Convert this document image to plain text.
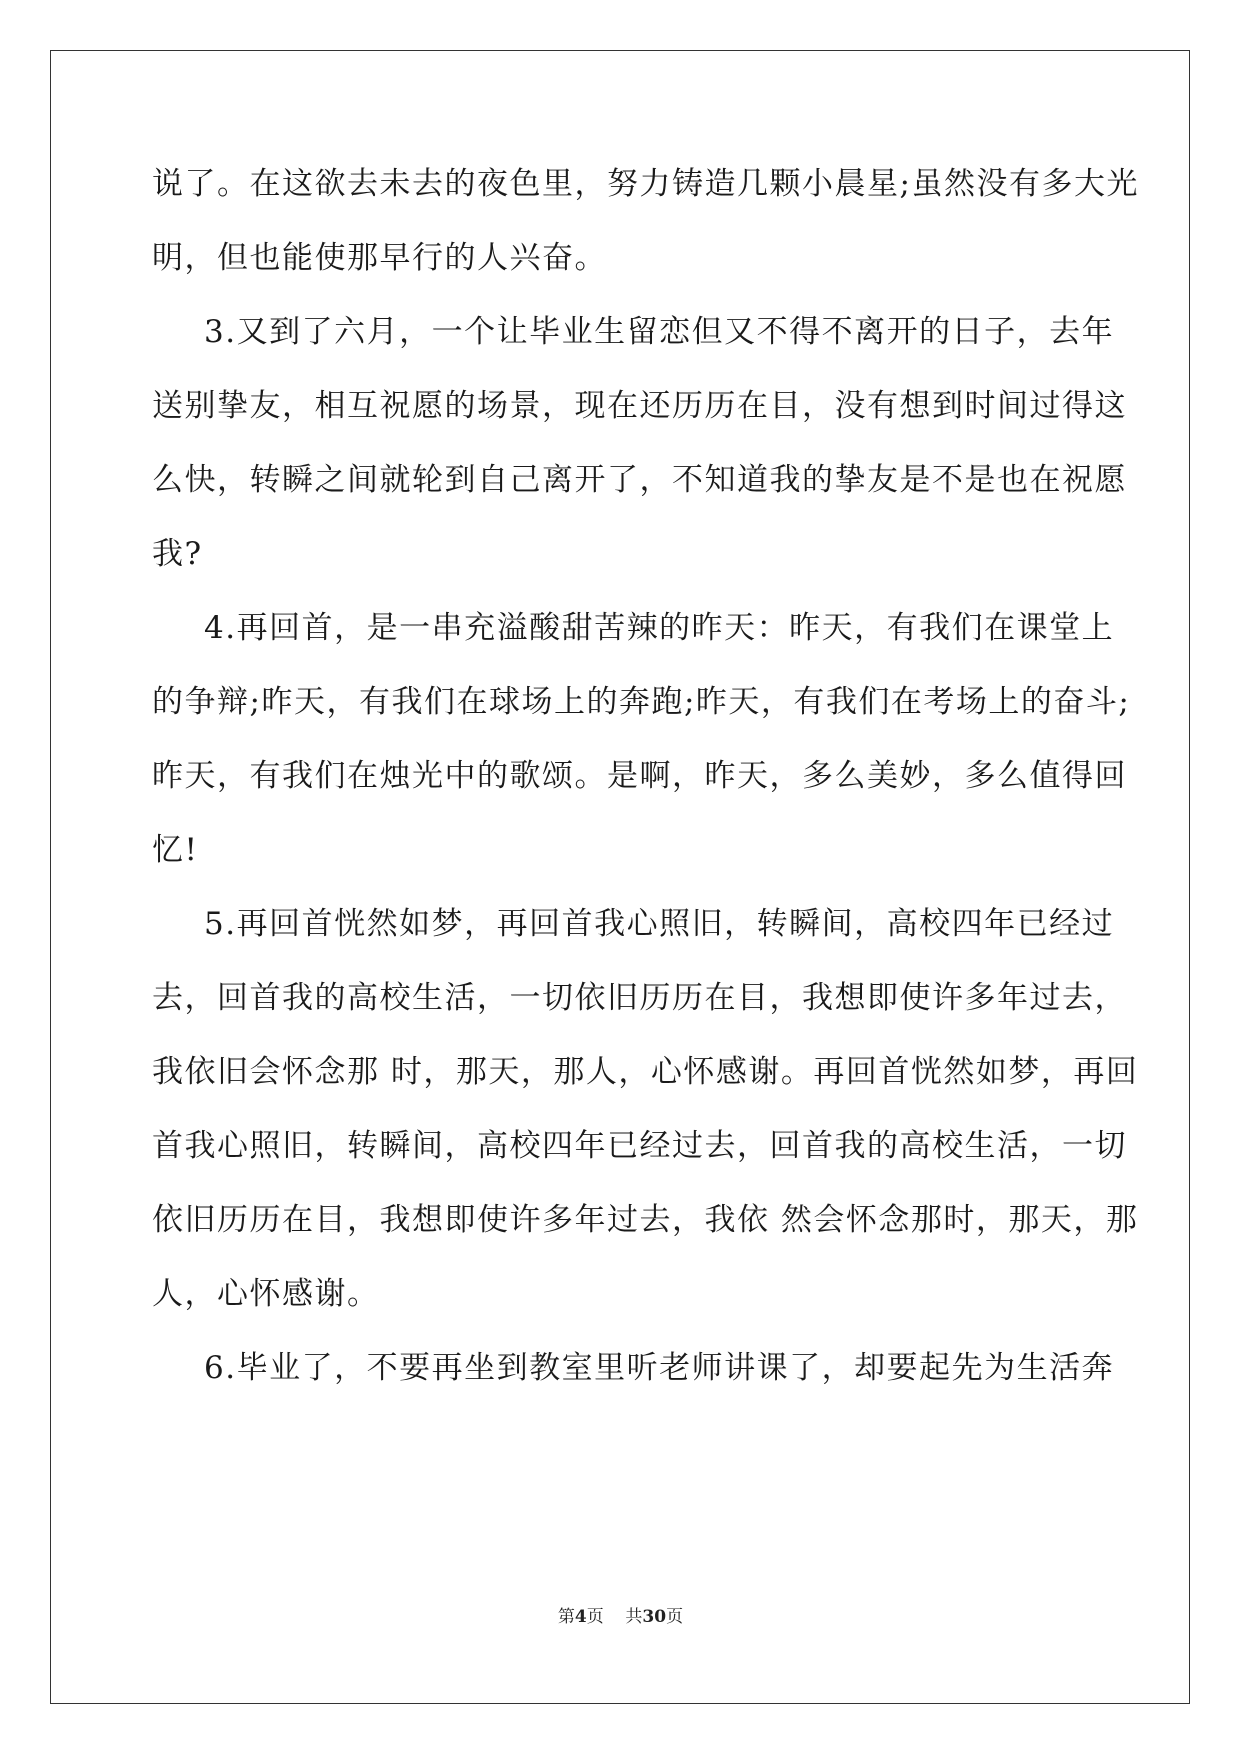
说了。在这欲去未去的夜色里，努力铸造几颗小晨星;虽然没有多大光
明，但也能使那早行的人兴奋。
3.又到了六月，一个让毕业生留恋但又不得不离开的日子，去年
送别挚友，相互祝愿的场景，现在还历历在目，没有想到时间过得这
么快，转瞬之间就轮到自己离开了，不知道我的挚友是不是也在祝愿
我?
4.再回首，是一串充溢酸甜苦辣的昨天：昨天，有我们在课堂上
的争辩;昨天，有我们在球场上的奔跑;昨天，有我们在考场上的奋斗;
昨天，有我们在烛光中的歌颂。是啊，昨天，多么美妙，多么值得回
忆!
5.再回首恍然如梦，再回首我心照旧，转瞬间，高校四年已经过
去，回首我的高校生活，一切依旧历历在目，我想即使许多年过去，
我依旧会怀念那 时，那天，那人，心怀感谢。再回首恍然如梦，再回
首我心照旧，转瞬间，高校四年已经过去，回首我的高校生活，一切
依旧历历在目，我想即使许多年过去，我依 然会怀念那时，那天，那
人，心怀感谢。
6.毕业了，不要再坐到教室里听老师讲课了，却要起先为生活奔
第4页 共30页
